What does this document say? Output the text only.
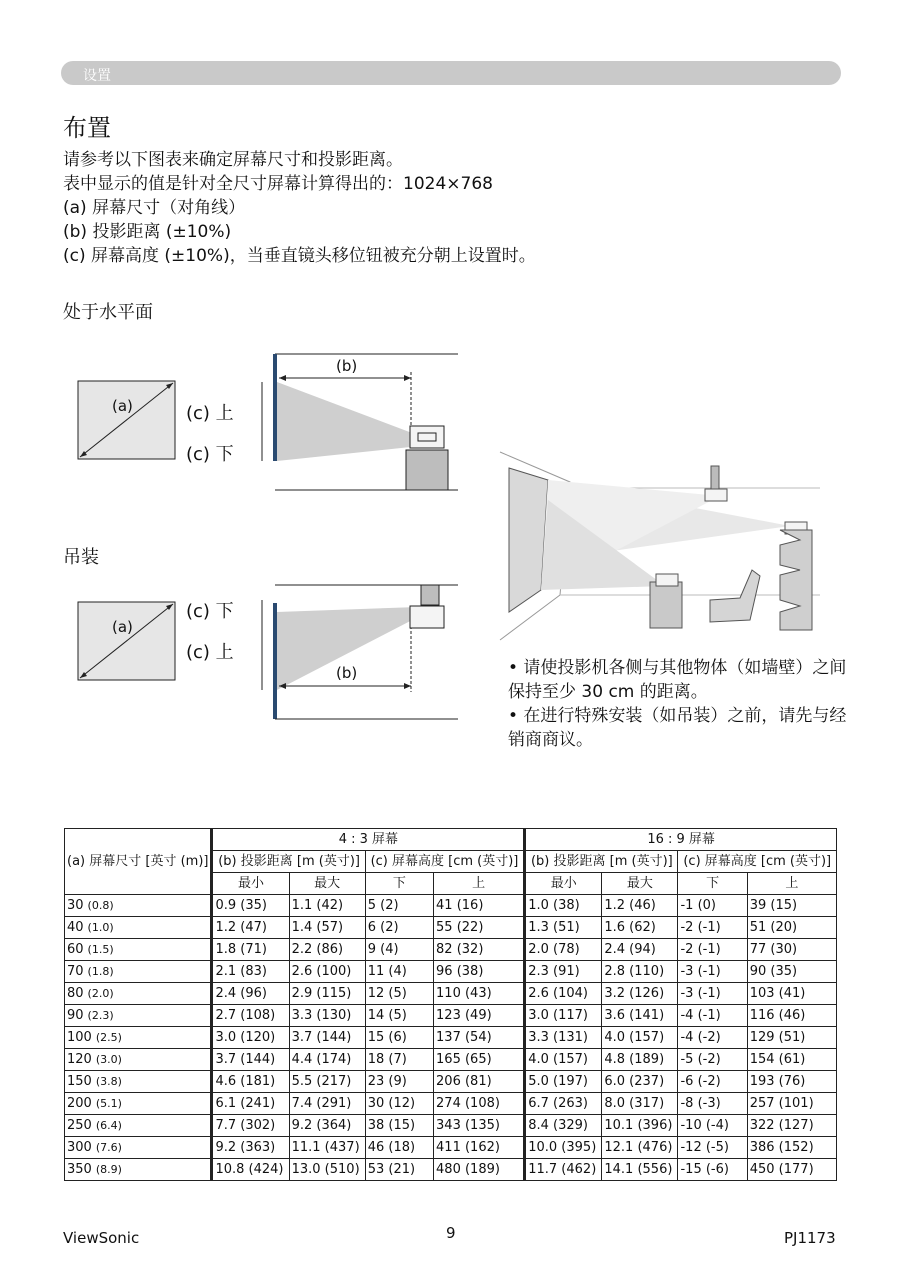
设置
布置
请参考以下图表来确定屏幕尺寸和投影距离。
表中显示的值是针对全尺寸屏幕计算得出的：1024×768
(a) 屏幕尺寸（对角线）
(b) 投影距离 (±10%)
(c) 屏幕高度 (±10%)，当垂直镜头移位钮被充分朝上设置时。
处于水平面
吊装
(a)	(c) 上
(c) 下
(b)
(a)
(c) 下
(c) 上
(b)	• 请使投影机各侧与其他物体（如墙壁）之间保持至少 30 cm 的距离。
• 在进行特殊安装（如吊装）之前，请先与经销商商议。
(a) 屏幕尺寸 [英寸 (m)]	4 : 3 屏幕				16 : 9 屏幕			
	(b) 投影距离 [m (英寸)]		(c) 屏幕高度 [cm (英寸)]		(b) 投影距离 [m (英寸)]		(c) 屏幕高度 [cm (英寸)]	
	最小	最大	下	上	最小	最大	下	上
30 (0.8)	0.9 (35)	1.1 (42)	5 (2)	41 (16)	1.0 (38)	1.2 (46)	-1 (0)	39 (15)
40 (1.0)	1.2 (47)	1.4 (57)	6 (2)	55 (22)	1.3 (51)	1.6 (62)	-2 (-1)	51 (20)
60 (1.5)	1.8 (71)	2.2 (86)	9 (4)	82 (32)	2.0 (78)	2.4 (94)	-2 (-1)	77 (30)
70 (1.8)	2.1 (83)	2.6 (100)	11 (4)	96 (38)	2.3 (91)	2.8 (110)	-3 (-1)	90 (35)
80 (2.0)	2.4 (96)	2.9 (115)	12 (5)	110 (43)	2.6 (104)	3.2 (126)	-3 (-1)	103 (41)
90 (2.3)	2.7 (108)	3.3 (130)	14 (5)	123 (49)	3.0 (117)	3.6 (141)	-4 (-1)	116 (46)
100 (2.5)	3.0 (120)	3.7 (144)	15 (6)	137 (54)	3.3 (131)	4.0 (157)	-4 (-2)	129 (51)
120 (3.0)	3.7 (144)	4.4 (174)	18 (7)	165 (65)	4.0 (157)	4.8 (189)	-5 (-2)	154 (61)
150 (3.8)	4.6 (181)	5.5 (217)	23 (9)	206 (81)	5.0 (197)	6.0 (237)	-6 (-2)	193 (76)
200 (5.1)	6.1 (241)	7.4 (291)	30 (12)	274 (108)	6.7 (263)	8.0 (317)	-8 (-3)	257 (101)
250 (6.4)	7.7 (302)	9.2 (364)	38 (15)	343 (135)	8.4 (329)	10.1 (396)	-10 (-4)	322 (127)
300 (7.6)	9.2 (363)	11.1 (437)	46 (18)	411 (162)	10.0 (395)	12.1 (476)	-12 (-5)	386 (152)
350 (8.9)	10.8 (424)	13.0 (510)	53 (21)	480 (189)	11.7 (462)	14.1 (556)	-15 (-6)	450 (177)
ViewSonic	9	PJ1173
